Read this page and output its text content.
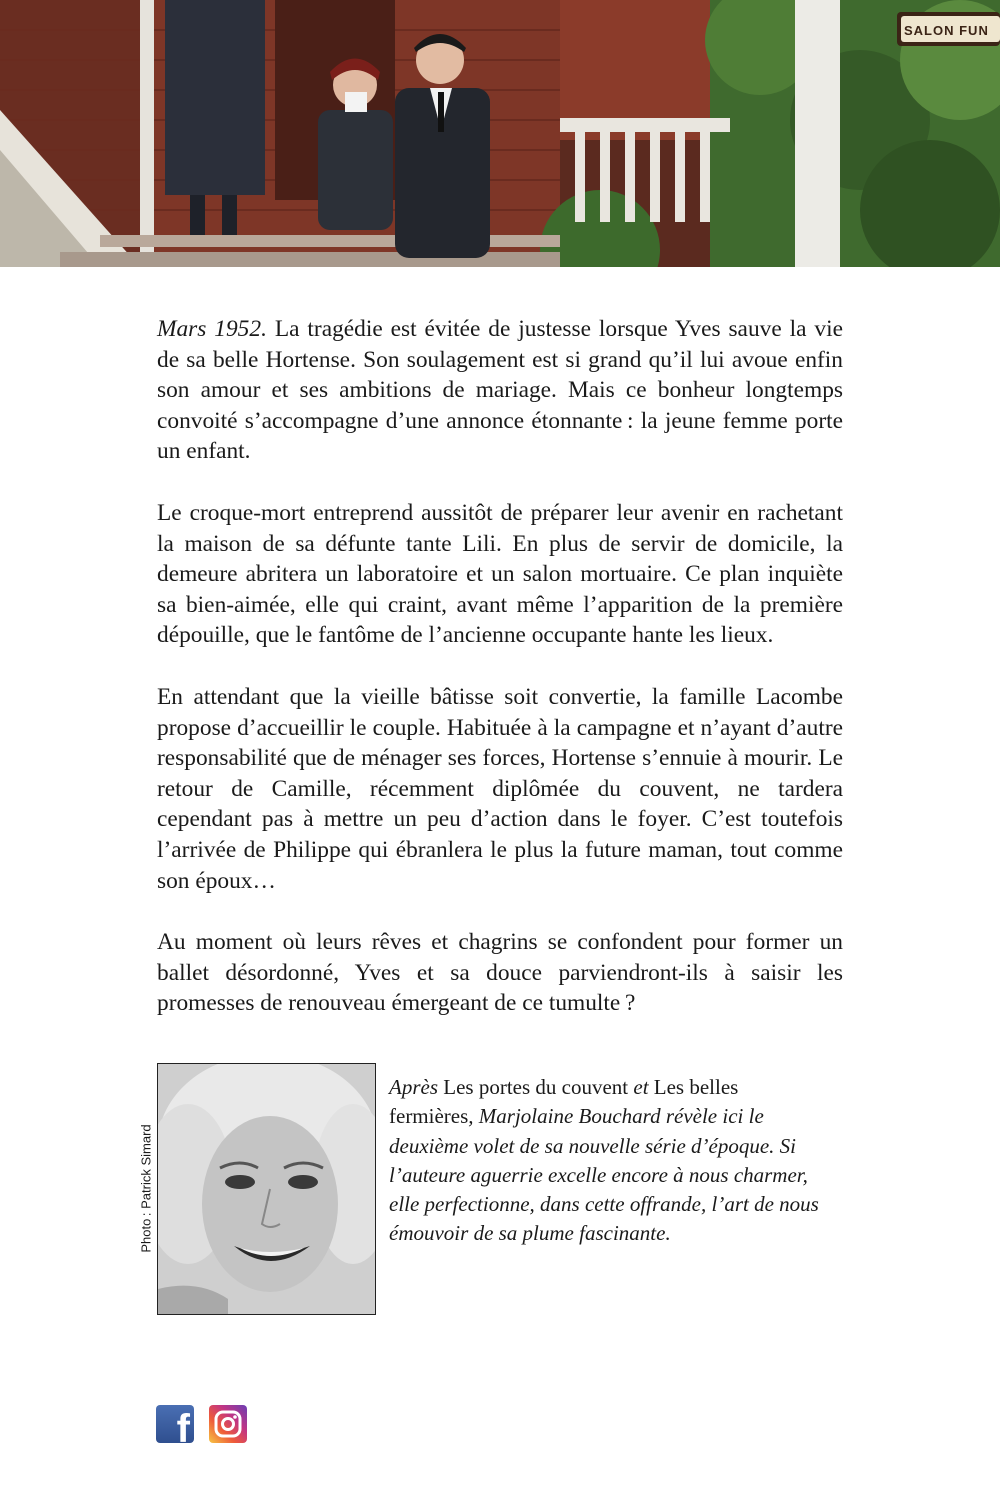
SALON FUN

Mars 1952. La tragédie est évitée de justesse lorsque Yves sauve la vie de sa belle Hortense. Son soulagement est si grand qu’il lui avoue enfin son amour et ses ambitions de mariage. Mais ce bonheur longtemps convoité s’accompagne d’une annonce étonnante : la jeune femme porte un enfant.

Le croque-mort entreprend aussitôt de préparer leur avenir en rachetant la maison de sa défunte tante Lili. En plus de servir de domicile, la demeure abritera un laboratoire et un salon mortuaire. Ce plan inquiète sa bien-aimée, elle qui craint, avant même l’apparition de la première dépouille, que le fantôme de l’ancienne occupante hante les lieux.

En attendant que la vieille bâtisse soit convertie, la famille Lacombe propose d’accueillir le couple. Habituée à la campagne et n’ayant d’autre responsabilité que de ménager ses forces, Hortense s’ennuie à mourir. Le retour de Camille, récemment diplômée du couvent, ne tardera cependant pas à mettre un peu d’action dans le foyer. C’est toutefois l’arrivée de Philippe qui ébranlera le plus la future maman, tout comme son époux…

Au moment où leurs rêves et chagrins se confondent pour former un ballet désordonné, Yves et sa douce parviendront-ils à saisir les promesses de renouveau émergeant de ce tumulte ?

Photo : Patrick Simard
Après Les portes du couvent et Les belles fermières, Marjolaine Bouchard révèle ici le deuxième volet de sa nouvelle série d’époque. Si l’auteure aguerrie excelle encore à nous charmer, elle perfectionne, dans cette offrande, l’art de nous émouvoir de sa plume fascinante.
f
